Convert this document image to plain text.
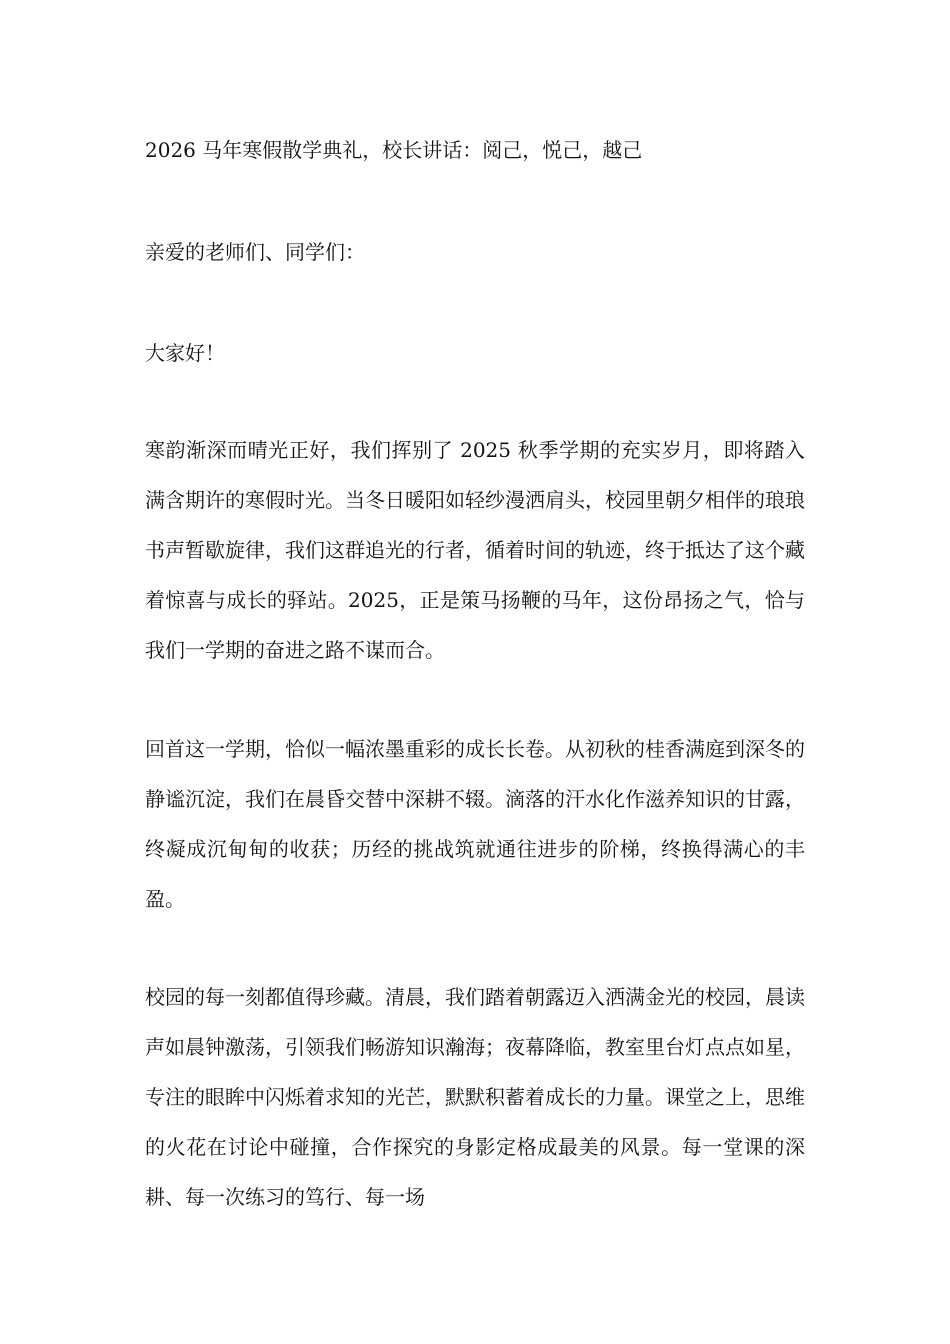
2026 马年寒假散学典礼，校长讲话：阅己，悦己，越己
亲爱的老师们、同学们：
大家好！
寒韵渐深而晴光正好，我们挥别了 2025 秋季学期的充实岁月，即将踏入满含期许的寒假时光。当冬日暖阳如轻纱漫洒肩头，校园里朝夕相伴的琅琅书声暂歇旋律，我们这群追光的行者，循着时间的轨迹，终于抵达了这个藏着惊喜与成长的驿站。2025，正是策马扬鞭的马年，这份昂扬之气，恰与我们一学期的奋进之路不谋而合。
回首这一学期，恰似一幅浓墨重彩的成长长卷。从初秋的桂香满庭到深冬的静谧沉淀，我们在晨昏交替中深耕不辍。滴落的汗水化作滋养知识的甘露，终凝成沉甸甸的收获；历经的挑战筑就通往进步的阶梯，终换得满心的丰盈。
校园的每一刻都值得珍藏。清晨，我们踏着朝露迈入洒满金光的校园，晨读声如晨钟激荡，引领我们畅游知识瀚海；夜幕降临，教室里台灯点点如星，专注的眼眸中闪烁着求知的光芒，默默积蓄着成长的力量。课堂之上，思维的火花在讨论中碰撞，合作探究的身影定格成最美的风景。每一堂课的深耕、每一次练习的笃行、每一场
